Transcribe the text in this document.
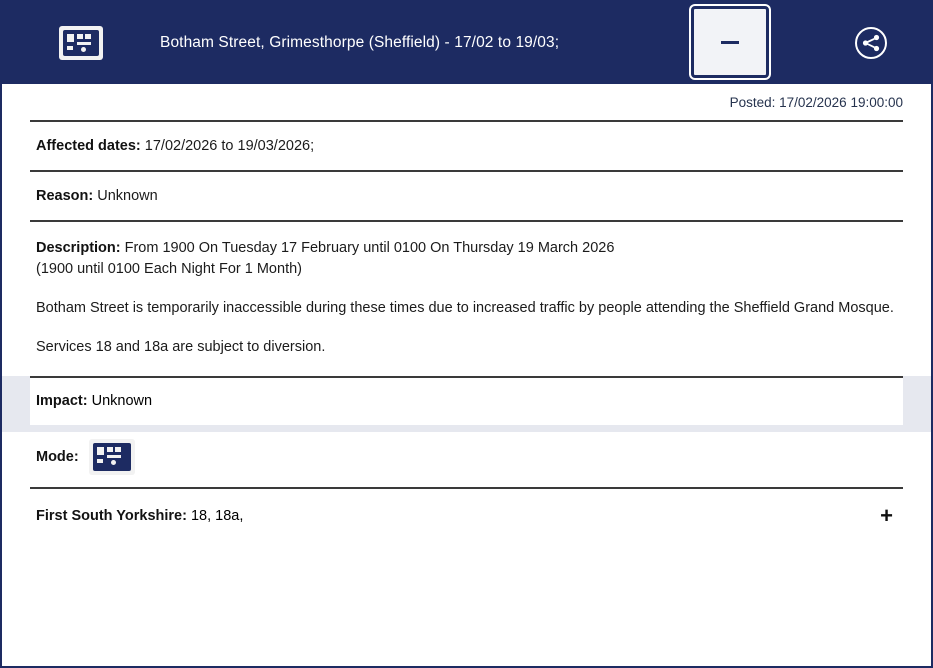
Botham Street, Grimesthorpe (Sheffield) - 17/02 to 19/03;
Posted: 17/02/2026 19:00:00
Affected dates: 17/02/2026 to 19/03/2026;
Reason: Unknown

Description: From 1900 On Tuesday 17 February until 0100 On Thursday 19 March 2026

(1900 until 0100 Each Night For 1 Month)

Botham Street is temporarily inaccessible during these times due to increased traffic by people attending the Sheffield Grand Mosque.
Services 18 and 18a are subject to diversion.
Impact: Unknown
Mode:
First South Yorkshire: 18, 18a,	+
